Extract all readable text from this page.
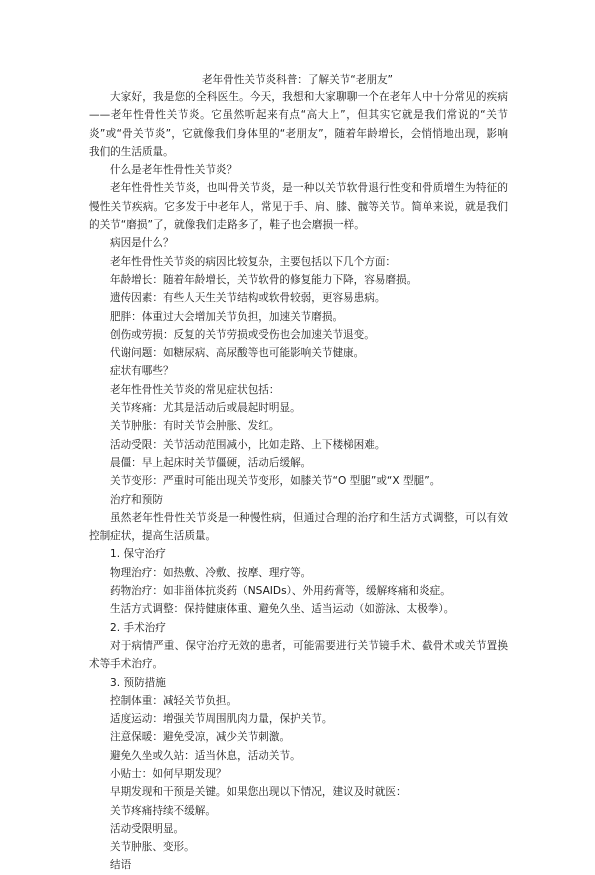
老年骨性关节炎科普：了解关节“老朋友”

大家好，我是您的全科医生。今天，我想和大家聊聊一个在老年人中十分常见的疾病——老年性骨性关节炎。它虽然听起来有点“高大上”，但其实它就是我们常说的“关节炎”或“骨关节炎”，它就像我们身体里的“老朋友”，随着年龄增长，会悄悄地出现，影响我们的生活质量。

什么是老年性骨性关节炎？

老年性骨性关节炎，也叫骨关节炎，是一种以关节软骨退行性变和骨质增生为特征的慢性关节疾病。它多发于中老年人，常见于手、肩、膝、髋等关节。简单来说，就是我们的关节“磨损”了，就像我们走路多了，鞋子也会磨损一样。

病因是什么？

老年性骨性关节炎的病因比较复杂，主要包括以下几个方面：

年龄增长：随着年龄增长，关节软骨的修复能力下降，容易磨损。

遗传因素：有些人天生关节结构或软骨较弱，更容易患病。

肥胖：体重过大会增加关节负担，加速关节磨损。

创伤或劳损：反复的关节劳损或受伤也会加速关节退变。

代谢问题：如糖尿病、高尿酸等也可能影响关节健康。

症状有哪些？

老年性骨性关节炎的常见症状包括：

关节疼痛：尤其是活动后或晨起时明显。

关节肿胀：有时关节会肿胀、发红。

活动受限：关节活动范围减小，比如走路、上下楼梯困难。

晨僵：早上起床时关节僵硬，活动后缓解。

关节变形：严重时可能出现关节变形，如膝关节“O 型腿”或“X 型腿”。

治疗和预防

虽然老年性骨性关节炎是一种慢性病，但通过合理的治疗和生活方式调整，可以有效控制症状，提高生活质量。

1. 保守治疗

物理治疗：如热敷、冷敷、按摩、理疗等。

药物治疗：如非甾体抗炎药（NSAIDs）、外用药膏等，缓解疼痛和炎症。

生活方式调整：保持健康体重、避免久坐、适当运动（如游泳、太极拳）。

2. 手术治疗

对于病情严重、保守治疗无效的患者，可能需要进行关节镜手术、截骨术或关节置换术等手术治疗。

3. 预防措施

控制体重：减轻关节负担。

适度运动：增强关节周围肌肉力量，保护关节。

注意保暖：避免受凉，减少关节刺激。

避免久坐或久站：适当休息，活动关节。

小贴士：如何早期发现？

早期发现和干预是关键。如果您出现以下情况，建议及时就医：

关节疼痛持续不缓解。

活动受限明显。

关节肿胀、变形。

结语
